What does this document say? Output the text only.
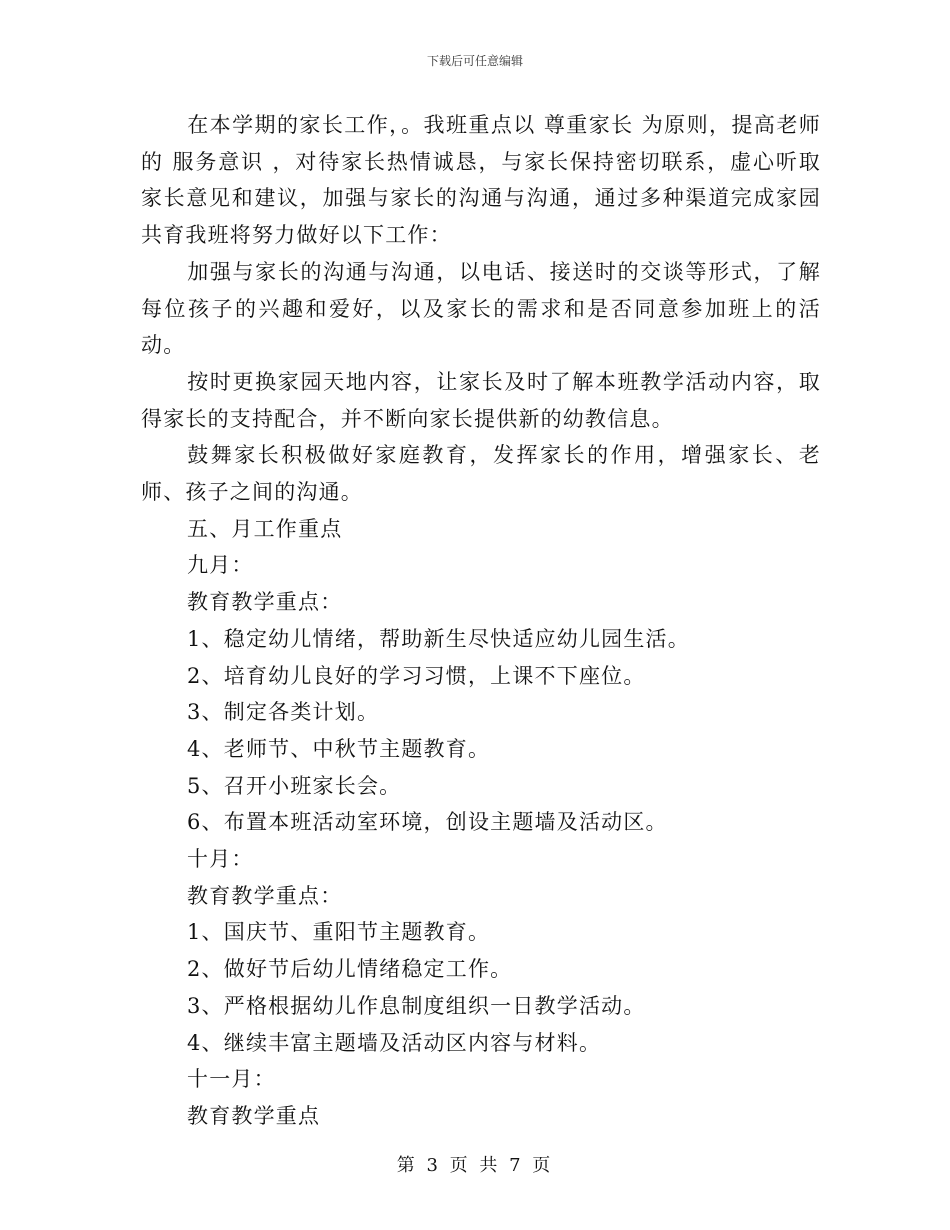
下载后可任意编辑

在本学期的家长工作，。我班重点以 尊重家长 为原则，提高老师的 服务意识 ，对待家长热情诚恳，与家长保持密切联系，虚心听取家长意见和建议，加强与家长的沟通与沟通，通过多种渠道完成家园共育我班将努力做好以下工作：

加强与家长的沟通与沟通，以电话、接送时的交谈等形式，了解每位孩子的兴趣和爱好，以及家长的需求和是否同意参加班上的活动。

按时更换家园天地内容，让家长及时了解本班教学活动内容，取得家长的支持配合，并不断向家长提供新的幼教信息。

鼓舞家长积极做好家庭教育，发挥家长的作用，增强家长、老师、孩子之间的沟通。

五、月工作重点

九月：

教育教学重点：

1、稳定幼儿情绪，帮助新生尽快适应幼儿园生活。

2、培育幼儿良好的学习习惯，上课不下座位。

3、制定各类计划。

4、老师节、中秋节主题教育。

5、召开小班家长会。

6、布置本班活动室环境，创设主题墙及活动区。

十月：

教育教学重点：

1、国庆节、重阳节主题教育。

2、做好节后幼儿情绪稳定工作。

3、严格根据幼儿作息制度组织一日教学活动。

4、继续丰富主题墙及活动区内容与材料。

十一月：

教育教学重点

第 3 页 共 7 页
